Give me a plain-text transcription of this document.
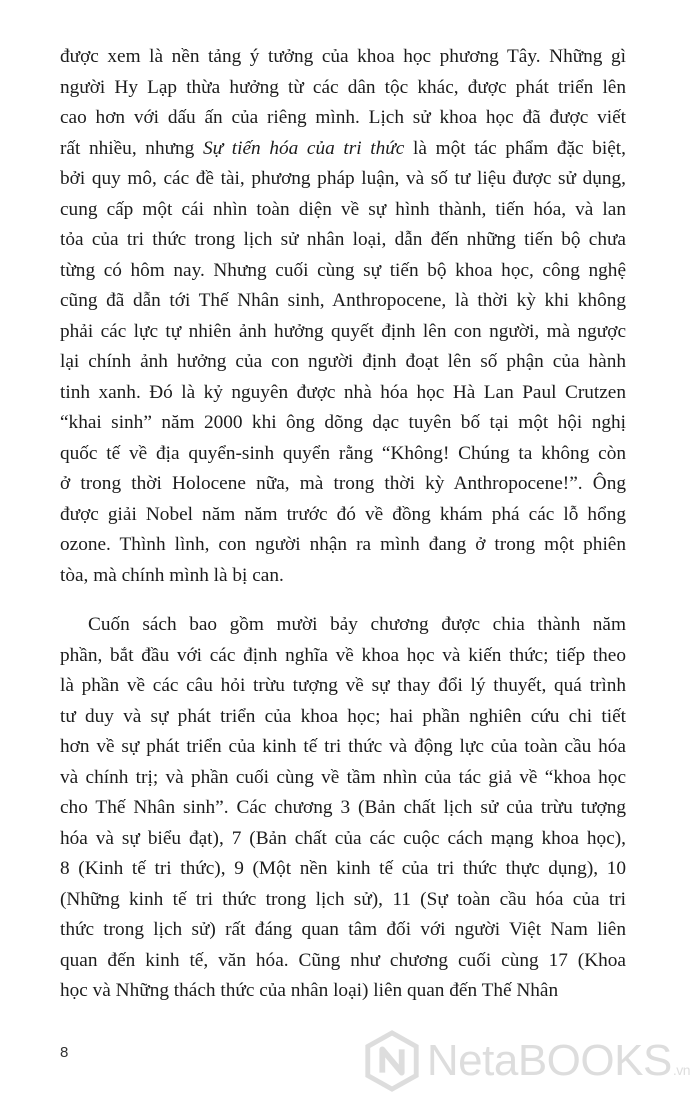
được xem là nền tảng ý tưởng của khoa học phương Tây. Những gì
người Hy Lạp thừa hưởng từ các dân tộc khác, được phát triển lên
cao hơn với dấu ấn của riêng mình. Lịch sử khoa học đã được viết
rất nhiều, nhưng Sự tiến hóa của tri thức là một tác phẩm đặc biệt,
bởi quy mô, các đề tài, phương pháp luận, và số tư liệu được sử dụng,
cung cấp một cái nhìn toàn diện về sự hình thành, tiến hóa, và lan
tỏa của tri thức trong lịch sử nhân loại, dẫn đến những tiến bộ chưa
từng có hôm nay. Nhưng cuối cùng sự tiến bộ khoa học, công nghệ
cũng đã dẫn tới Thế Nhân sinh, Anthropocene, là thời kỳ khi không
phải các lực tự nhiên ảnh hưởng quyết định lên con người, mà ngược
lại chính ảnh hưởng của con người định đoạt lên số phận của hành
tinh xanh. Đó là kỷ nguyên được nhà hóa học Hà Lan Paul Crutzen
“khai sinh” năm 2000 khi ông dõng dạc tuyên bố tại một hội nghị
quốc tế về địa quyển-sinh quyển rằng “Không! Chúng ta không còn
ở trong thời Holocene nữa, mà trong thời kỳ Anthropocene!”. Ông
được giải Nobel năm năm trước đó về đồng khám phá các lỗ hổng
ozone. Thình lình, con người nhận ra mình đang ở trong một phiên
tòa, mà chính mình là bị can.
Cuốn sách bao gồm mười bảy chương được chia thành năm
phần, bắt đầu với các định nghĩa về khoa học và kiến thức; tiếp theo
là phần về các câu hỏi trừu tượng về sự thay đổi lý thuyết, quá trình
tư duy và sự phát triển của khoa học; hai phần nghiên cứu chi tiết
hơn về sự phát triển của kinh tế tri thức và động lực của toàn cầu hóa
và chính trị; và phần cuối cùng về tầm nhìn của tác giả về “khoa học
cho Thế Nhân sinh”. Các chương 3 (Bản chất lịch sử của trừu tượng
hóa và sự biểu đạt), 7 (Bản chất của các cuộc cách mạng khoa học),
8 (Kinh tế tri thức), 9 (Một nền kinh tế của tri thức thực dụng), 10
(Những kinh tế tri thức trong lịch sử), 11 (Sự toàn cầu hóa của tri
thức trong lịch sử) rất đáng quan tâm đối với người Việt Nam liên
quan đến kinh tế, văn hóa. Cũng như chương cuối cùng 17 (Khoa
học và Những thách thức của nhân loại) liên quan đến Thế Nhân
8	NetaBOOKS.vn
